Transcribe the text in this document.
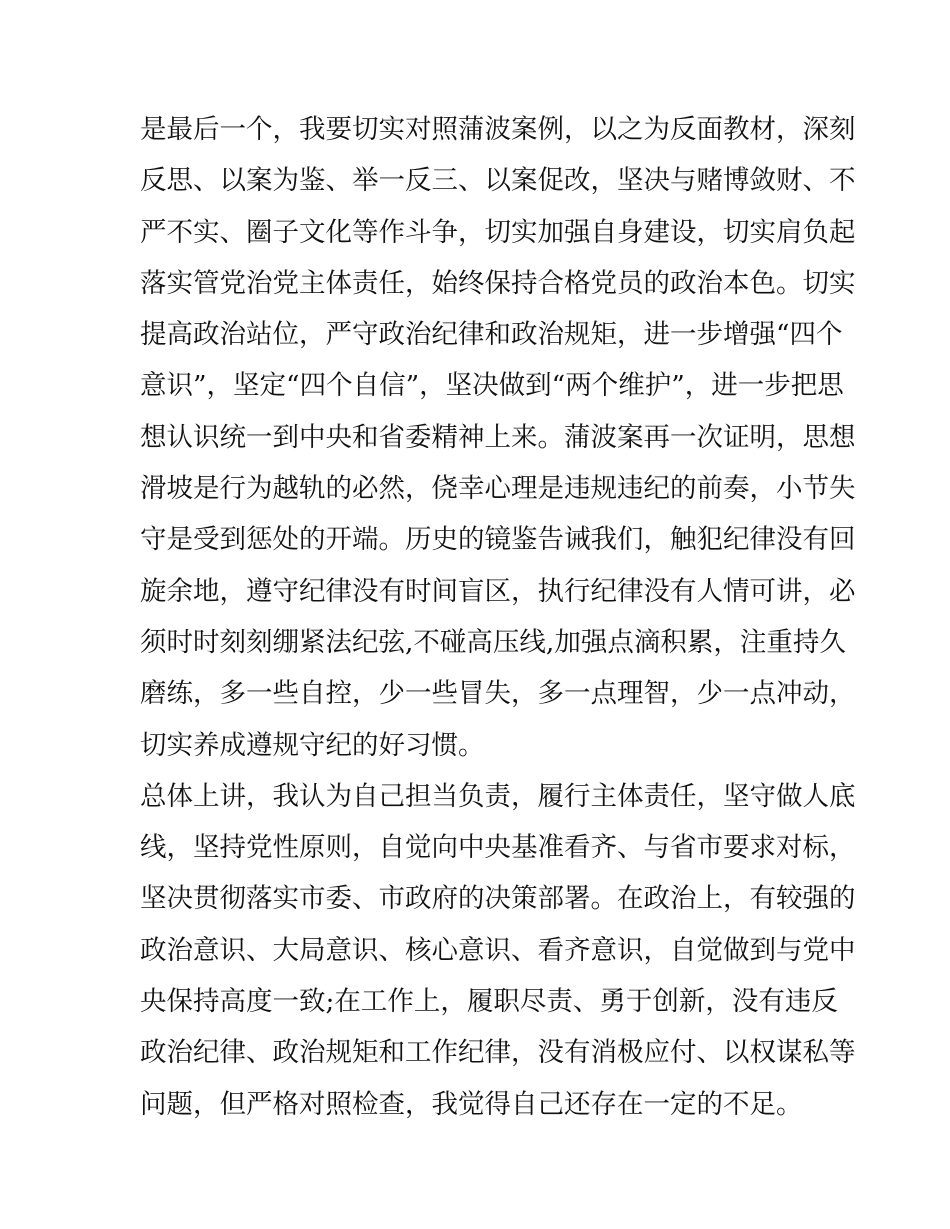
是最后一个，我要切实对照蒲波案例，以之为反面教材，深刻
反思、以案为鉴、举一反三、以案促改，坚决与赌博敛财、不
严不实、圈子文化等作斗争，切实加强自身建设，切实肩负起
落实管党治党主体责任，始终保持合格党员的政治本色。切实
提高政治站位，严守政治纪律和政治规矩，进一步增强“四个
意识”，坚定“四个自信”，坚决做到“两个维护”，进一步把思
想认识统一到中央和省委精神上来。蒲波案再一次证明，思想
滑坡是行为越轨的必然，侥幸心理是违规违纪的前奏，小节失
守是受到惩处的开端。历史的镜鉴告诫我们，触犯纪律没有回
旋余地，遵守纪律没有时间盲区，执行纪律没有人情可讲，必
须时时刻刻绷紧法纪弦,不碰高压线,加强点滴积累，注重持久
磨练，多一些自控，少一些冒失，多一点理智，少一点冲动，
切实养成遵规守纪的好习惯。
总体上讲，我认为自己担当负责，履行主体责任，坚守做人底
线，坚持党性原则，自觉向中央基准看齐、与省市要求对标，
坚决贯彻落实市委、市政府的决策部署。在政治上，有较强的
政治意识、大局意识、核心意识、看齐意识，自觉做到与党中
央保持高度一致;在工作上，履职尽责、勇于创新，没有违反
政治纪律、政治规矩和工作纪律，没有消极应付、以权谋私等
问题，但严格对照检查，我觉得自己还存在一定的不足。
